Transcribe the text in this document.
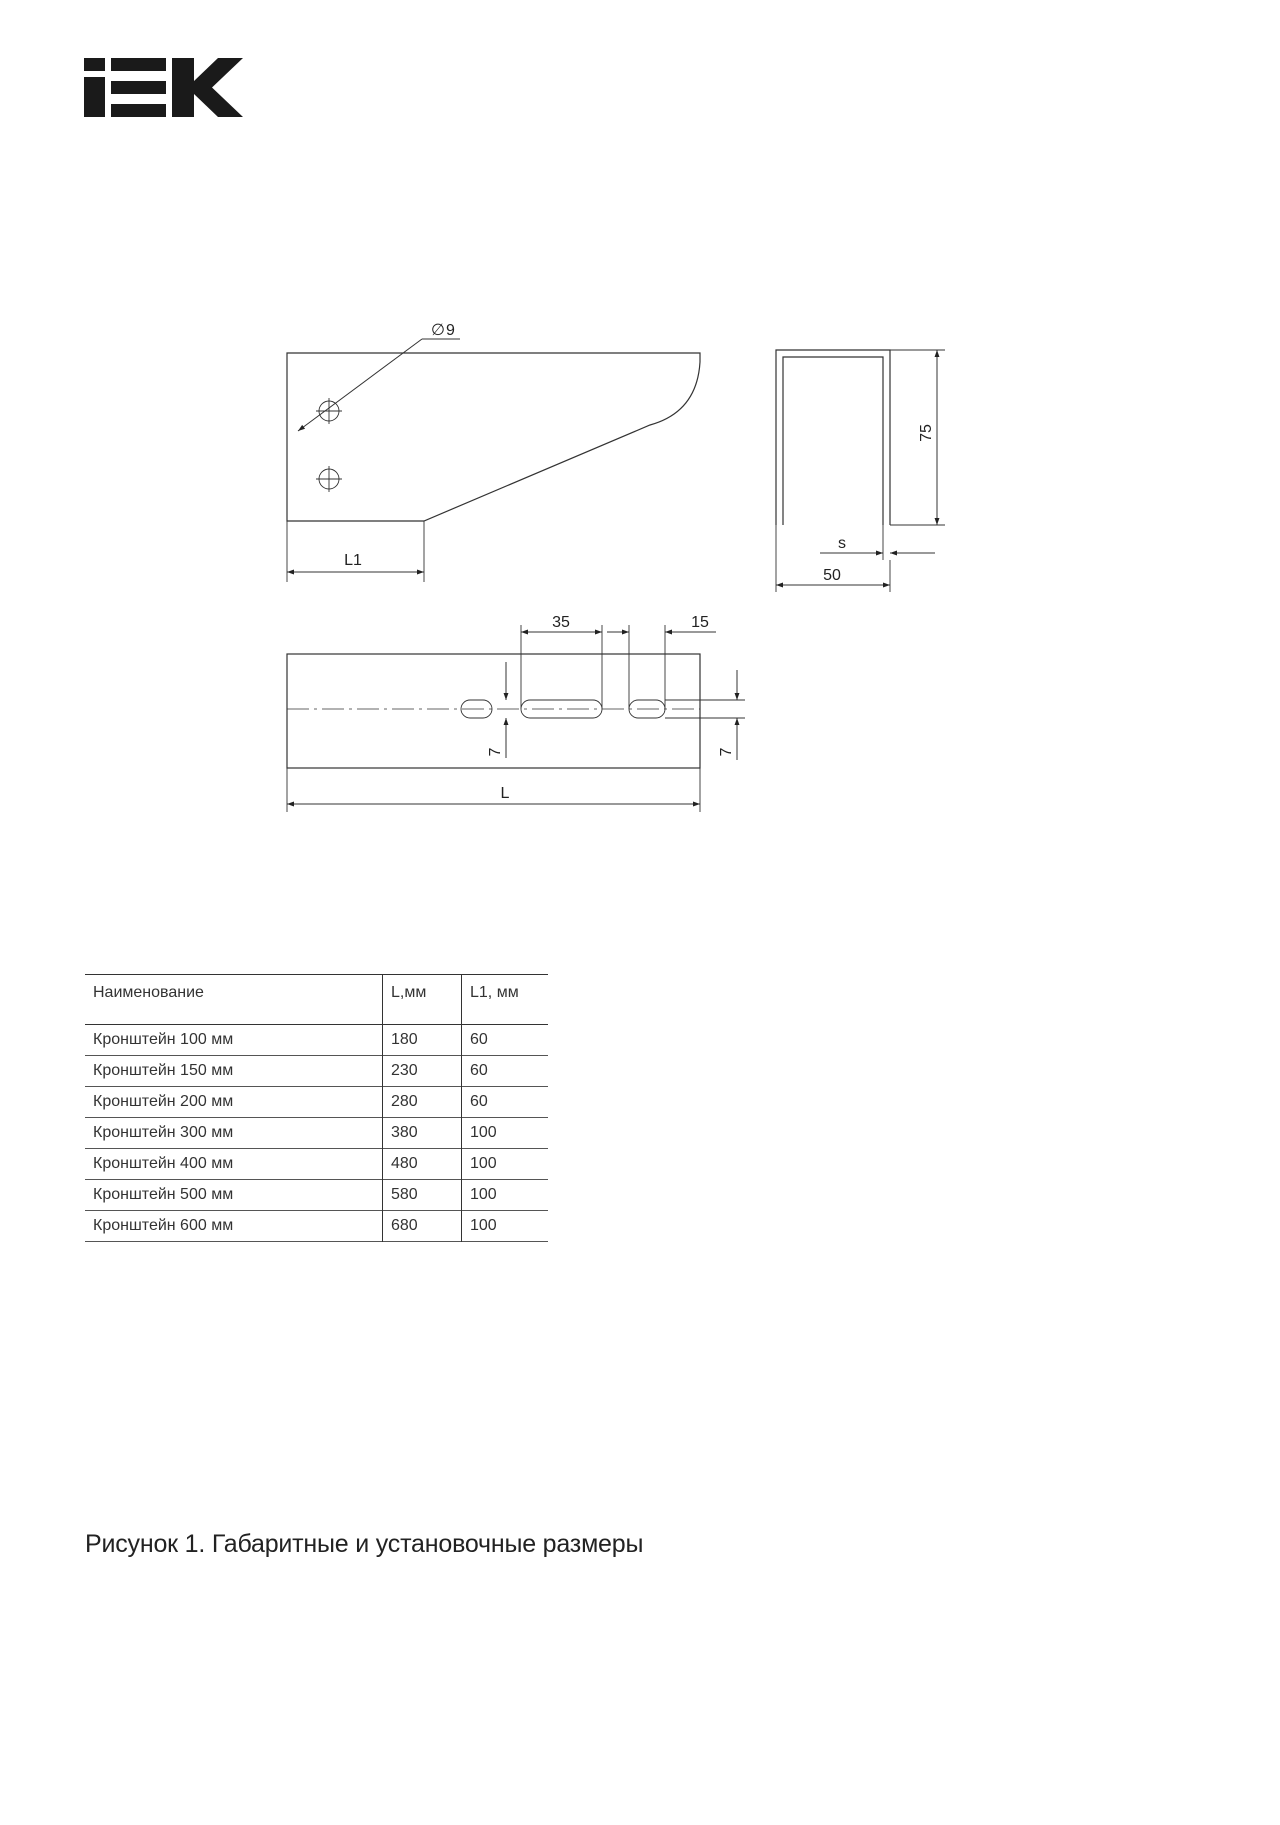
∅ 9
L1
75
s
50
35	15
7	7
L
Наименование	L,мм	L1, мм
Кронштейн 100 мм	180	60
Кронштейн 150 мм	230	60
Кронштейн 200 мм	280	60
Кронштейн 300 мм	380	100
Кронштейн 400 мм	480	100
Кронштейн 500 мм	580	100
Кронштейн 600 мм	680	100
Рисунок 1. Габаритные и установочные размеры
